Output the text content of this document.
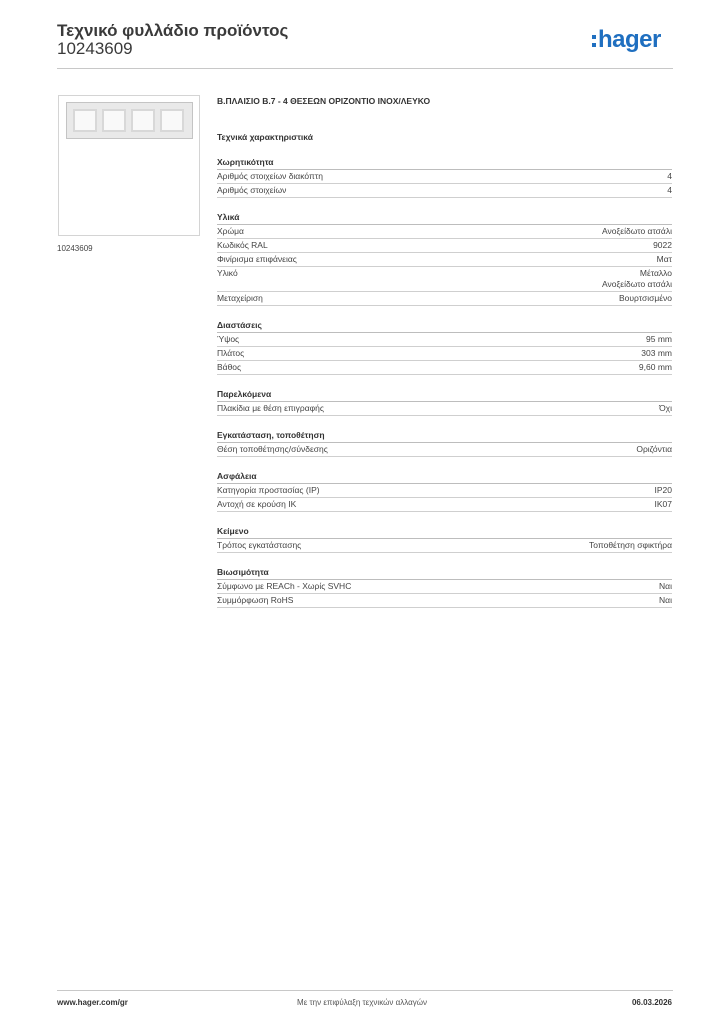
Τεχνικό φυλλάδιο προϊόντος
10243609	hager
10243609
Β.ΠΛΑΙΣΙΟ Β.7 - 4 ΘΕΣΕΩΝ ΟΡΙΖΟΝΤΙΟ ΙΝΟΧ/ΛΕΥΚΟ
Τεχνικά χαρακτηριστικά
Χωρητικότητα
Αριθμός στοιχείων διακόπτη	4
Αριθμός στοιχείων	4
Υλικά
Χρώμα	Ανοξείδωτο ατσάλι
Κωδικός RAL	9022
Φινίρισμα επιφάνειας	Ματ
Υλικό	Μέταλλο
Ανοξείδωτο ατσάλι
Μεταχείριση	Βουρτσισμένο
Διαστάσεις
Ύψος	95 mm
Πλάτος	303 mm
Βάθος	9,60 mm
Παρελκόμενα
Πλακίδια με θέση επιγραφής	Όχι
Εγκατάσταση, τοποθέτηση
Θέση τοποθέτησης/σύνδεσης	Οριζόντια
Ασφάλεια
Κατηγορία προστασίας (IP)	IP20
Αντοχή σε κρούση IK	IK07
Κείμενο
Τρόπος εγκατάστασης	Τοποθέτηση σφικτήρα
Βιωσιμότητα
Σύμφωνο με REACh - Χωρίς SVHC	Ναι
Συμμόρφωση RoHS	Ναι
www.hager.com/gr	Με την επιφύλαξη τεχνικών αλλαγών	06.03.2026
